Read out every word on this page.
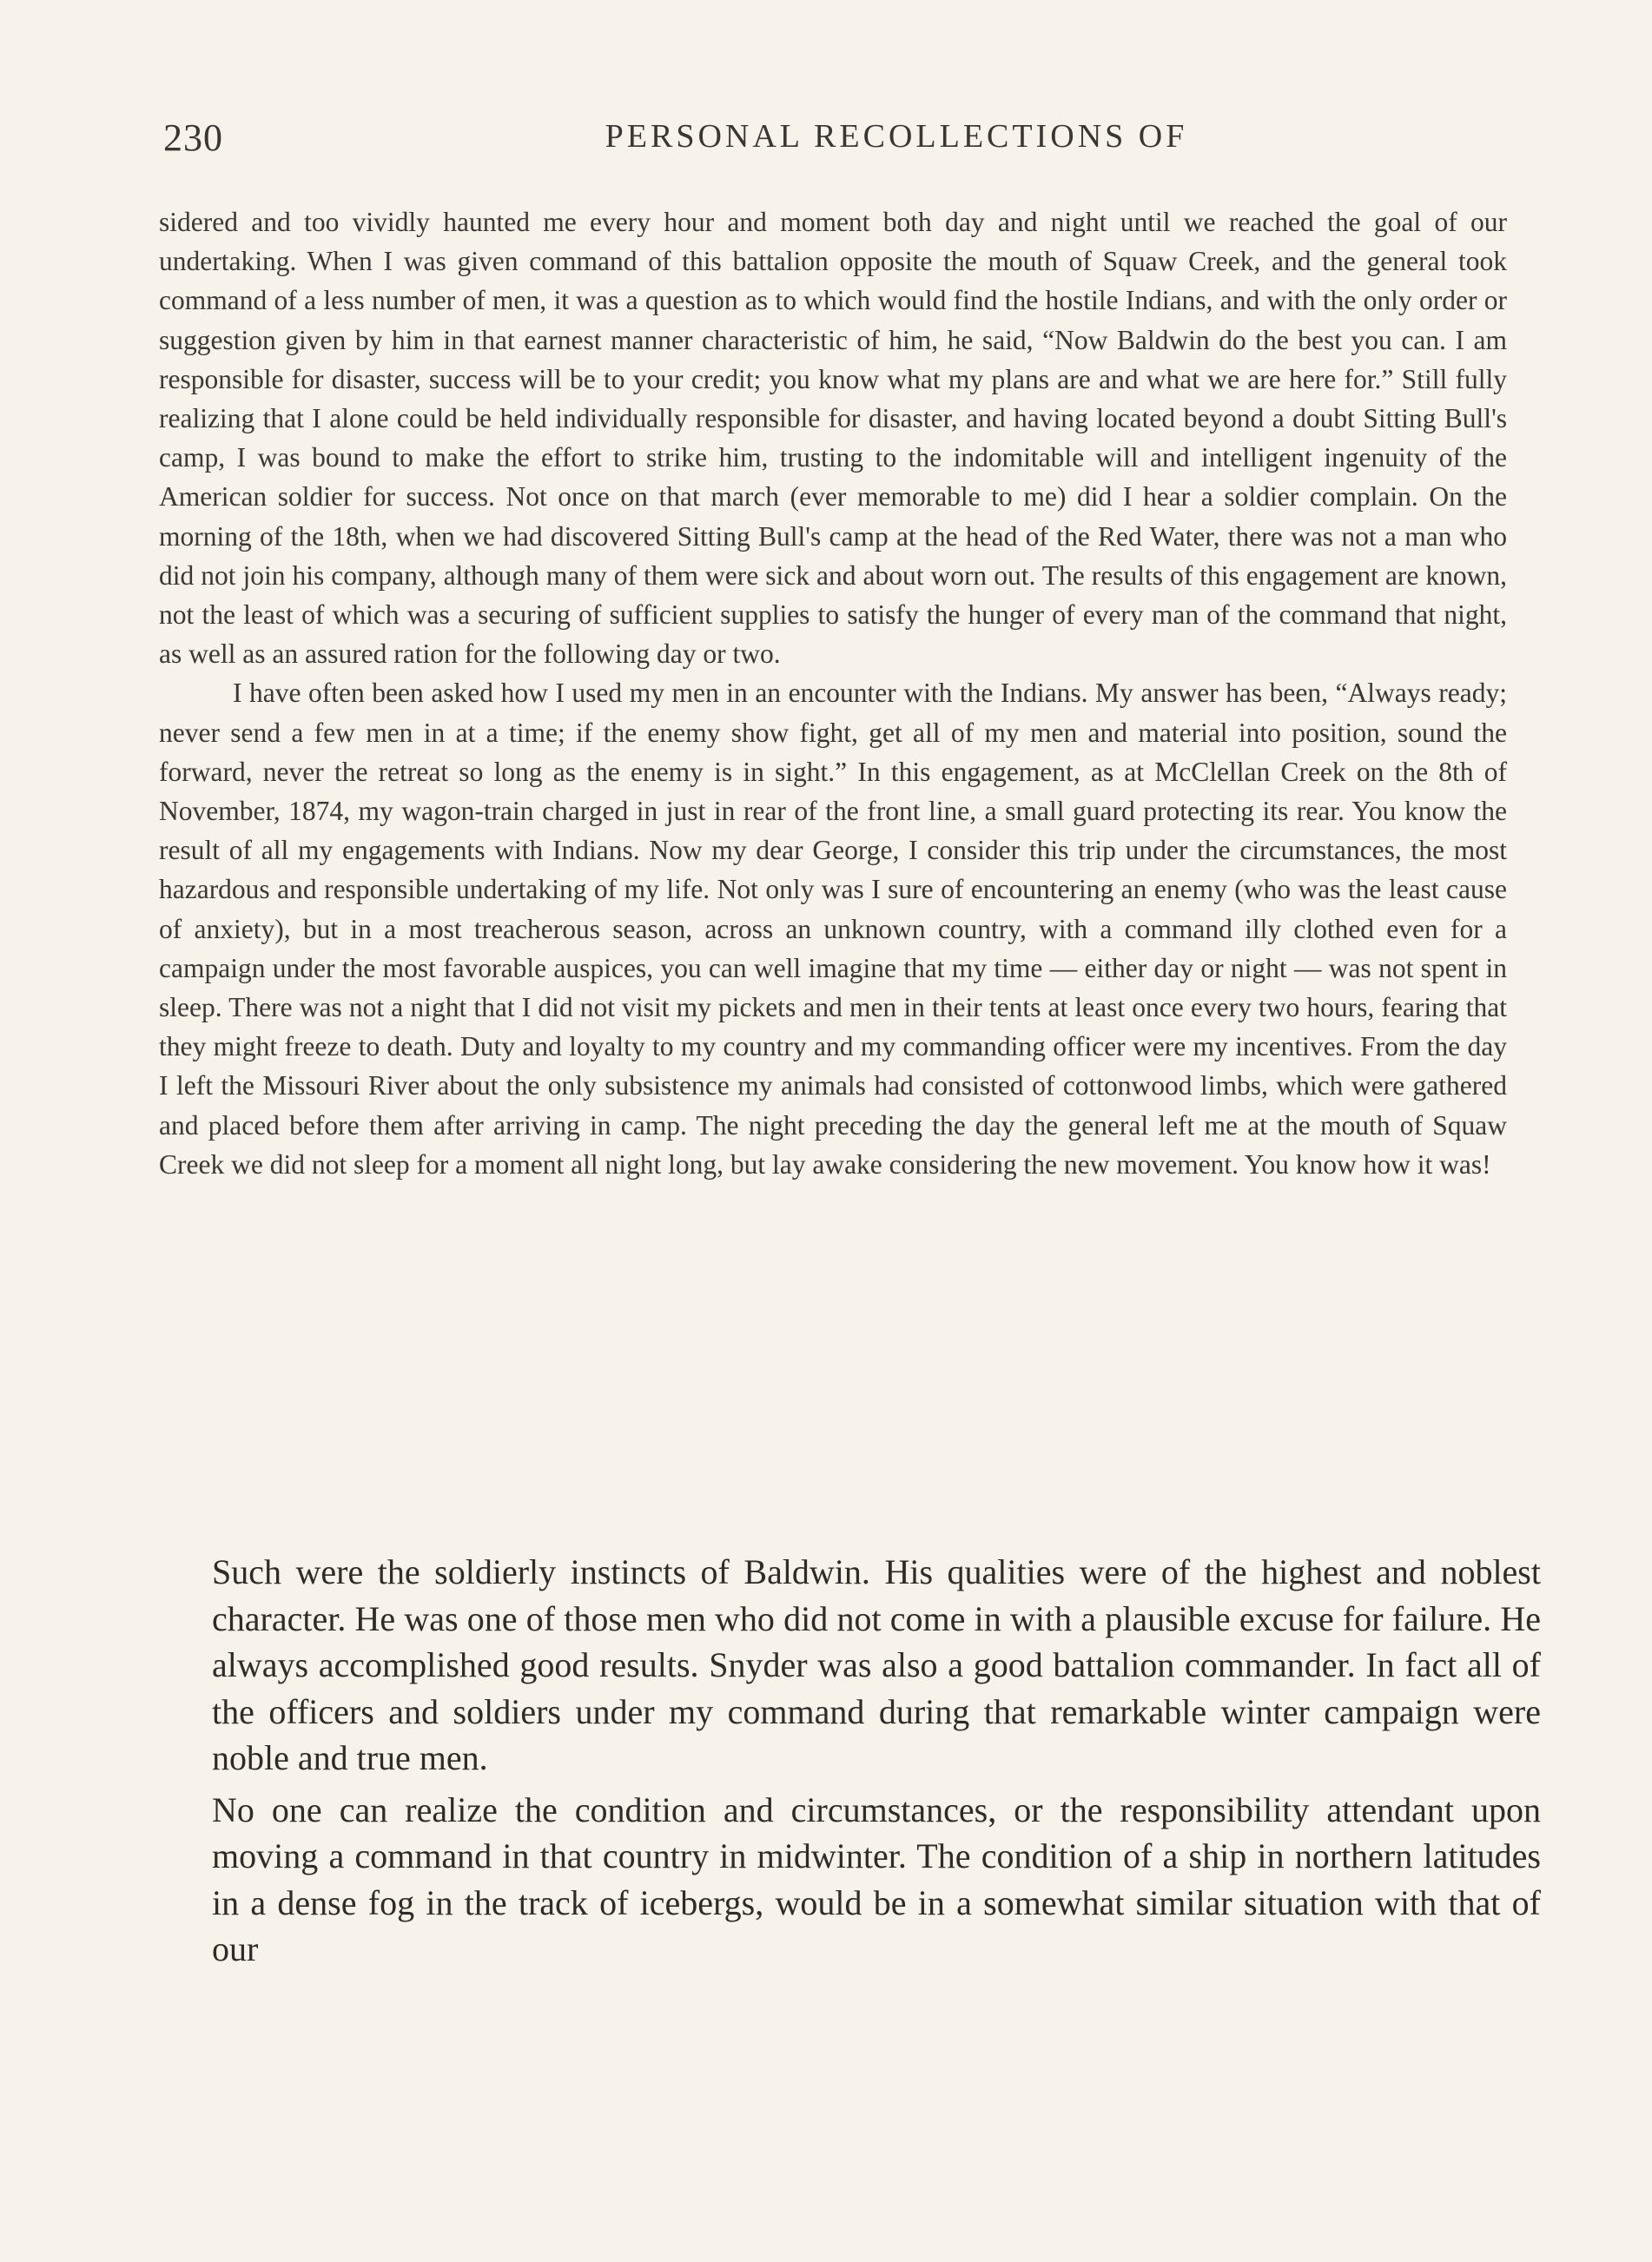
230	PERSONAL RECOLLECTIONS OF

sidered and too vividly haunted me every hour and moment both day and night until we reached the goal of our undertaking. When I was given command of this battalion opposite the mouth of Squaw Creek, and the general took command of a less number of men, it was a question as to which would find the hostile Indians, and with the only order or suggestion given by him in that earnest manner characteristic of him, he said, “Now Baldwin do the best you can. I am responsible for disaster, success will be to your credit; you know what my plans are and what we are here for.” Still fully realizing that I alone could be held individually responsible for disaster, and having located beyond a doubt Sitting Bull's camp, I was bound to make the effort to strike him, trusting to the indomitable will and intelligent ingenuity of the American soldier for success. Not once on that march (ever memorable to me) did I hear a soldier complain. On the morning of the 18th, when we had discovered Sitting Bull's camp at the head of the Red Water, there was not a man who did not join his company, although many of them were sick and about worn out. The results of this engagement are known, not the least of which was a securing of sufficient supplies to satisfy the hunger of every man of the command that night, as well as an assured ration for the following day or two.

I have often been asked how I used my men in an encounter with the Indians. My answer has been, “Always ready; never send a few men in at a time; if the enemy show fight, get all of my men and material into position, sound the forward, never the retreat so long as the enemy is in sight.” In this engagement, as at McClellan Creek on the 8th of November, 1874, my wagon-train charged in just in rear of the front line, a small guard protecting its rear. You know the result of all my engagements with Indians. Now my dear George, I consider this trip under the circumstances, the most hazardous and responsible undertaking of my life. Not only was I sure of encountering an enemy (who was the least cause of anxiety), but in a most treacherous season, across an unknown country, with a command illy clothed even for a campaign under the most favorable auspices, you can well imagine that my time — either day or night — was not spent in sleep. There was not a night that I did not visit my pickets and men in their tents at least once every two hours, fearing that they might freeze to death. Duty and loyalty to my country and my commanding officer were my incentives. From the day I left the Missouri River about the only subsistence my animals had consisted of cottonwood limbs, which were gathered and placed before them after arriving in camp. The night preceding the day the general left me at the mouth of Squaw Creek we did not sleep for a moment all night long, but lay awake considering the new movement. You know how it was!

Such were the soldierly instincts of Baldwin. His qualities were of the highest and noblest character. He was one of those men who did not come in with a plausible excuse for failure. He always accomplished good results. Snyder was also a good battalion commander. In fact all of the officers and soldiers under my command during that remarkable winter campaign were noble and true men.

No one can realize the condition and circumstances, or the responsibility attendant upon moving a command in that country in midwinter. The condition of a ship in northern latitudes in a dense fog in the track of icebergs, would be in a somewhat similar situation with that of our
